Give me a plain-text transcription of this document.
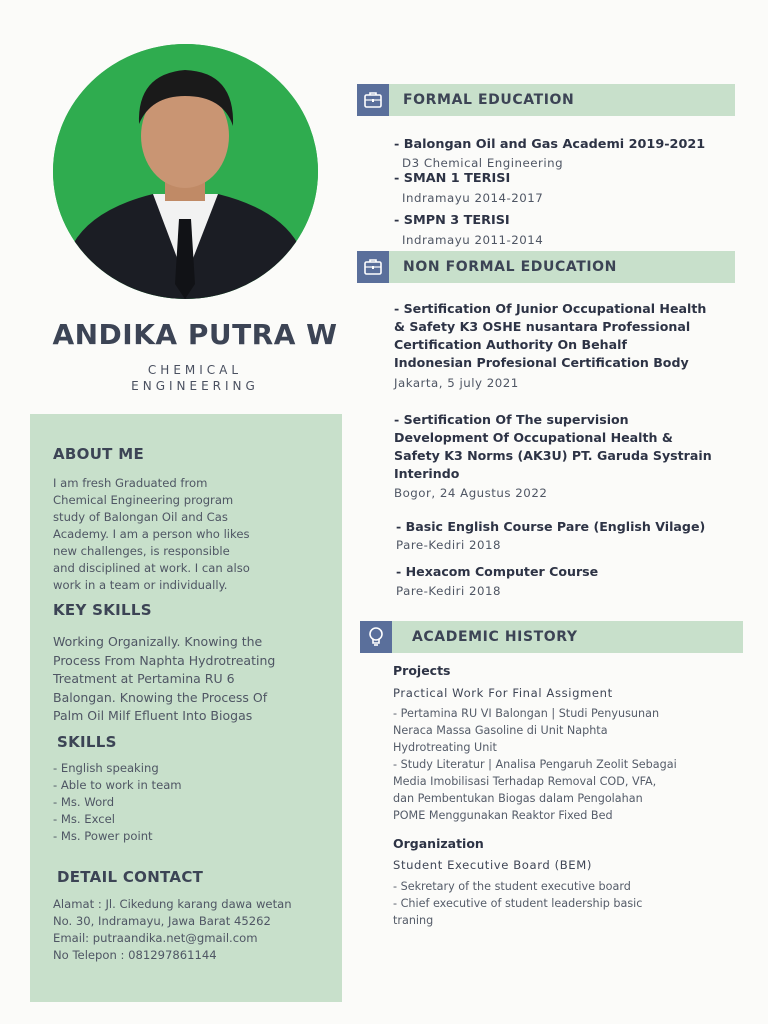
ANDIKA PUTRA W
CHEMICAL
ENGINEERING
ABOUT ME
I am fresh Graduated from
Chemical Engineering program
study of Balongan Oil and Cas
Academy. I am a person who likes
new challenges, is responsible
and disciplined at work. I can also
work in a team or individually.
KEY SKILLS
Working Organizally. Knowing the
Process From Naphta Hydrotreating
Treatment at Pertamina RU 6
Balongan. Knowing the Process Of
Palm Oil Milf Efluent Into Biogas
SKILLS
- English speaking
- Able to work in team
- Ms. Word
- Ms. Excel
- Ms. Power point
DETAIL CONTACT
Alamat : Jl. Cikedung karang dawa wetan
No. 30, Indramayu, Jawa Barat 45262
Email: putraandika.net@gmail.com
No Telepon : 081297861144
FORMAL EDUCATION
- Balongan Oil and Gas Academi 2019-2021
D3 Chemical Engineering
- SMAN 1 TERISI
Indramayu 2014-2017
- SMPN 3 TERISI
Indramayu 2011-2014
NON FORMAL EDUCATION
- Sertification Of Junior Occupational Health
& Safety K3 OSHE nusantara Professional
Certification Authority On Behalf
Indonesian Profesional Certification Body
Jakarta, 5 july 2021
- Sertification Of The supervision
Development Of Occupational Health &
Safety K3 Norms (AK3U) PT. Garuda Systrain
Interindo
Bogor, 24 Agustus 2022
- Basic English Course Pare (English Vilage)
Pare-Kediri 2018
- Hexacom Computer Course
Pare-Kediri 2018
ACADEMIC HISTORY
Projects
Practical Work For Final Assigment
- Pertamina RU VI Balongan | Studi Penyusunan
Neraca Massa Gasoline di Unit Naphta
Hydrotreating Unit
- Study Literatur | Analisa Pengaruh Zeolit Sebagai
Media Imobilisasi Terhadap Removal COD, VFA,
dan Pembentukan Biogas dalam Pengolahan
POME Menggunakan Reaktor Fixed Bed
Organization
Student Executive Board (BEM)
- Sekretary of the student executive board
- Chief executive of student leadership basic
traning
